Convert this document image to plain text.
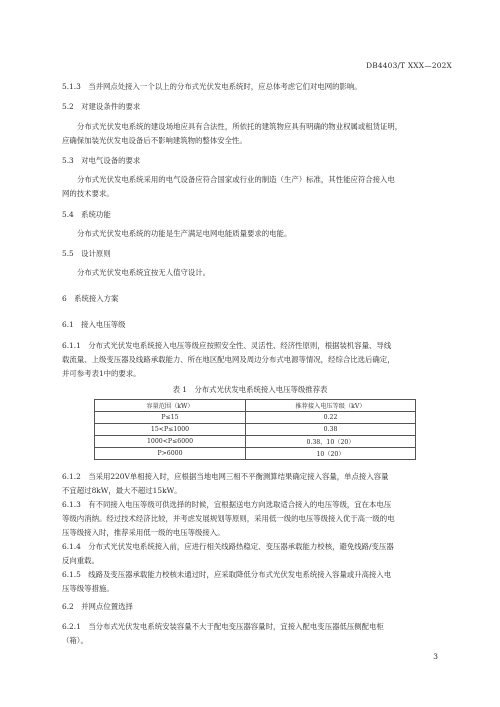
DB4403/T XXX—202X
5.1.3　当并网点处接入一个以上的分布式光伏发电系统时，应总体考虑它们对电网的影响。
5.2　对建设条件的要求
分布式光伏发电系统的建设场地应具有合法性，所依托的建筑物应具有明确的物业权属或租赁证明，
应确保加装光伏发电设备后不影响建筑物的整体安全性。
5.3　对电气设备的要求
分布式光伏发电系统采用的电气设备应符合国家或行业的制造（生产）标准，其性能应符合接入电
网的技术要求。
5.4　系统功能
分布式光伏发电系统的功能是生产满足电网电能质量要求的电能。
5.5　设计原则
分布式光伏发电系统宜按无人值守设计。
6　系统接入方案
6.1　接入电压等级
6.1.1　分布式光伏发电系统接入电压等级应按照安全性、灵活性、经济性原则，根据装机容量、导线
载流量、上级变压器及线路承载能力、所在地区配电网及周边分布式电源等情况，经综合比选后确定，
并可参考表1中的要求。
表 1　分布式光伏发电系统接入电压等级推荐表
容量范围（kW）	推荐接入电压等级（kV）
P≤15	0.22
15<P≤1000	0.38
1000<P≤6000	0.38、10（20）
P>6000	10（20）
6.1.2　当采用220V单相接入时，应根据当地电网三相不平衡测算结果确定接入容量，单点接入容量
不宜超过8kW，最大不超过15kW。
6.1.3　有不同接入电压等级可供选择的时候，宜根据送电方向选取适合接入的电压等级，宜在本电压
等级内消纳。经过技术经济比较，并考虑发展规划等原则，采用低一级的电压等级接入优于高一级的电
压等级接入时，推荐采用低一级的电压等级接入。
6.1.4　分布式光伏发电系统接入前，应进行相关线路热稳定、变压器承载能力校核，避免线路/变压器
反向重载。
6.1.5　线路及变压器承载能力校核未通过时，应采取降低分布式光伏发电系统接入容量或升高接入电
压等级等措施。
6.2　并网点位置选择
6.2.1　当分布式光伏发电系统安装容量不大于配电变压器容量时，宜接入配电变压器低压侧配电柜
（箱）。
3
